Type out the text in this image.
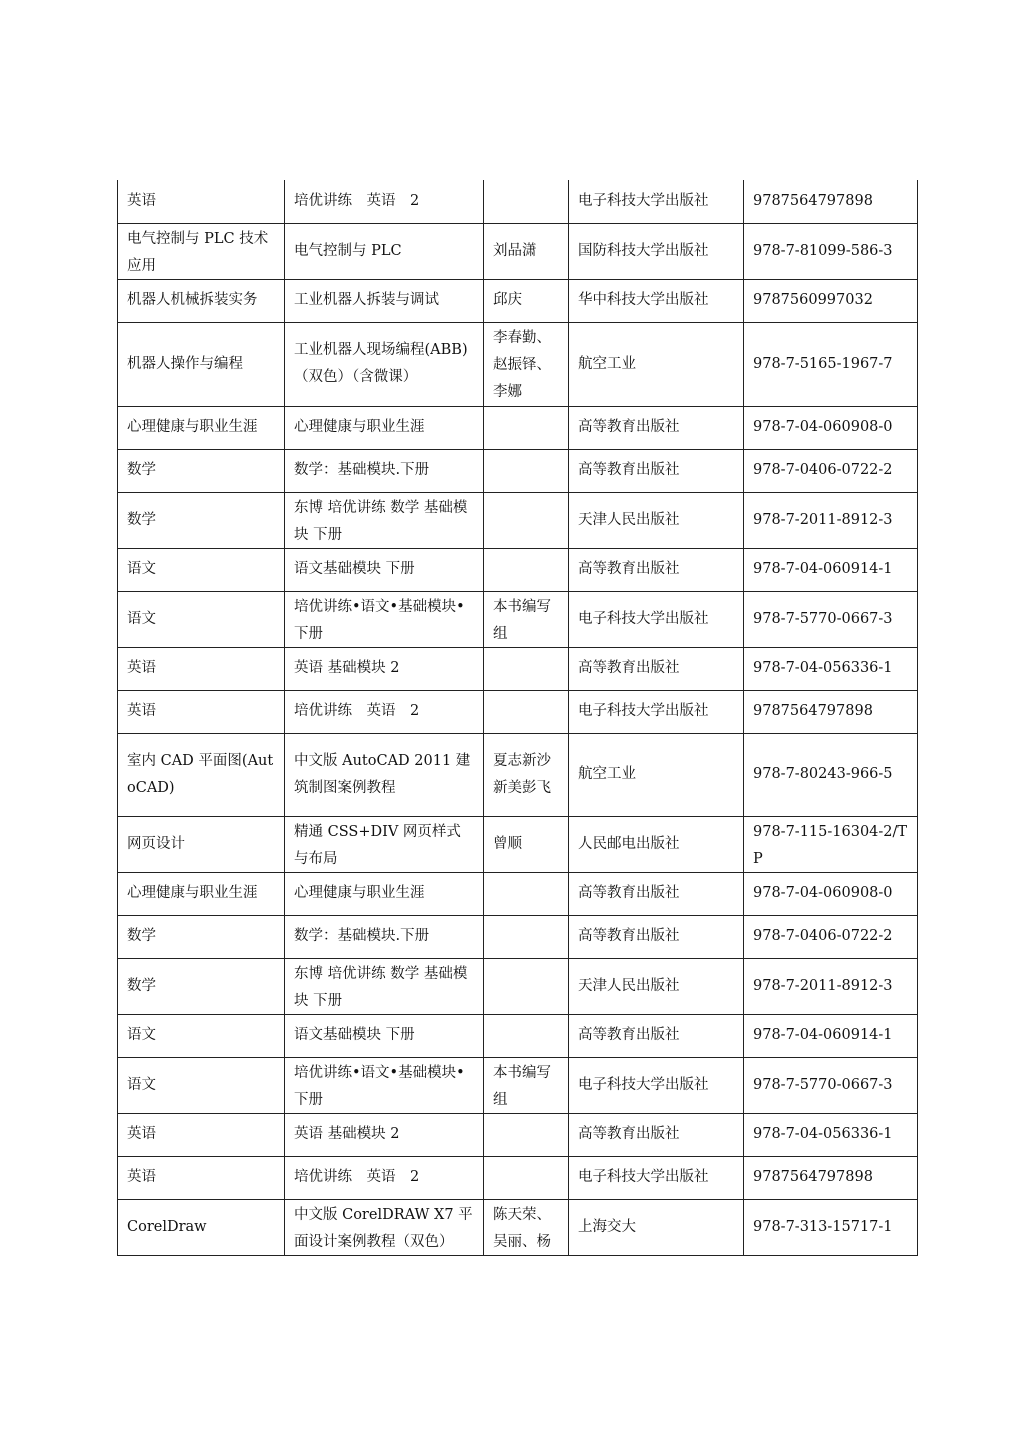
英语	培优讲练　英语　2		电子科技大学出版社	9787564797898

电气控制与 PLC 技术应用	电气控制与 PLC	刘品潇	国防科技大学出版社	978-7-81099-586-3

机器人机械拆装实务	工业机器人拆装与调试	邱庆	华中科技大学出版社	9787560997032

机器人操作与编程	工业机器人现场编程(ABB)（双色）（含微课）	李春勤、赵振铎、李娜	航空工业	978-7-5165-1967-7

心理健康与职业生涯	心理健康与职业生涯		高等教育出版社	978-7-04-060908-0

数学	数学：基础模块.下册		高等教育出版社	978-7-0406-0722-2

数学	东博 培优讲练 数学 基础模块 下册		天津人民出版社	978-7-2011-8912-3

语文	语文基础模块 下册		高等教育出版社	978-7-04-060914-1

语文	培优讲练•语文•基础模块•下册	本书编写组	电子科技大学出版社	978-7-5770-0667-3

英语	英语 基础模块 2		高等教育出版社	978-7-04-056336-1

英语	培优讲练　英语　2		电子科技大学出版社	9787564797898

室内 CAD 平面图(AutoCAD)	中文版 AutoCAD 2011 建筑制图案例教程	夏志新沙新美彭飞	航空工业	978-7-80243-966-5

网页设计	精通 CSS+DIV 网页样式与布局	曾顺	人民邮电出版社	978-7-115-16304-2/TP

心理健康与职业生涯	心理健康与职业生涯		高等教育出版社	978-7-04-060908-0

数学	数学：基础模块.下册		高等教育出版社	978-7-0406-0722-2

数学	东博 培优讲练 数学 基础模块 下册		天津人民出版社	978-7-2011-8912-3

语文	语文基础模块 下册		高等教育出版社	978-7-04-060914-1

语文	培优讲练•语文•基础模块•下册	本书编写组	电子科技大学出版社	978-7-5770-0667-3

英语	英语 基础模块 2		高等教育出版社	978-7-04-056336-1

英语	培优讲练　英语　2		电子科技大学出版社	9787564797898

CorelDraw	中文版 CorelDRAW X7 平面设计案例教程（双色）	陈天荣、吴丽、杨	上海交大	978-7-313-15717-1
